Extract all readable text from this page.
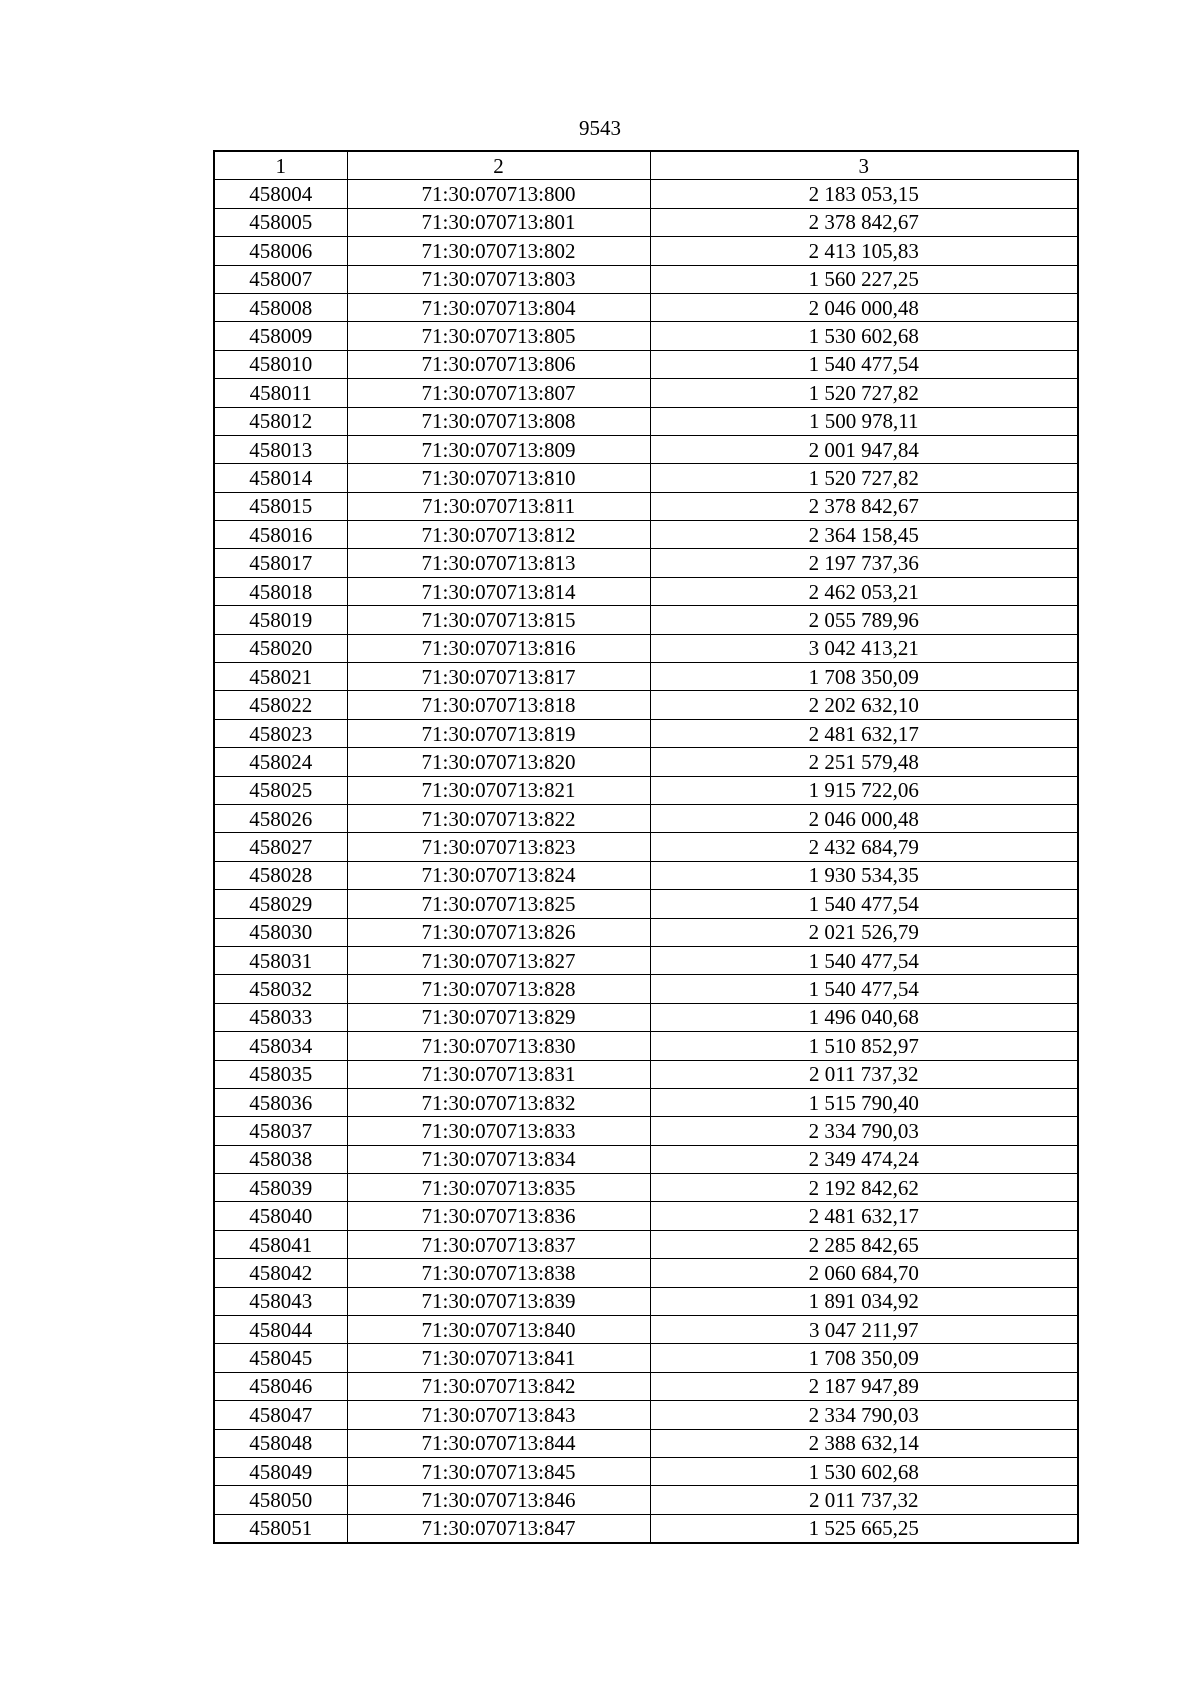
9543
1	2	3
458004	71:30:070713:800	2 183 053,15
458005	71:30:070713:801	2 378 842,67
458006	71:30:070713:802	2 413 105,83
458007	71:30:070713:803	1 560 227,25
458008	71:30:070713:804	2 046 000,48
458009	71:30:070713:805	1 530 602,68
458010	71:30:070713:806	1 540 477,54
458011	71:30:070713:807	1 520 727,82
458012	71:30:070713:808	1 500 978,11
458013	71:30:070713:809	2 001 947,84
458014	71:30:070713:810	1 520 727,82
458015	71:30:070713:811	2 378 842,67
458016	71:30:070713:812	2 364 158,45
458017	71:30:070713:813	2 197 737,36
458018	71:30:070713:814	2 462 053,21
458019	71:30:070713:815	2 055 789,96
458020	71:30:070713:816	3 042 413,21
458021	71:30:070713:817	1 708 350,09
458022	71:30:070713:818	2 202 632,10
458023	71:30:070713:819	2 481 632,17
458024	71:30:070713:820	2 251 579,48
458025	71:30:070713:821	1 915 722,06
458026	71:30:070713:822	2 046 000,48
458027	71:30:070713:823	2 432 684,79
458028	71:30:070713:824	1 930 534,35
458029	71:30:070713:825	1 540 477,54
458030	71:30:070713:826	2 021 526,79
458031	71:30:070713:827	1 540 477,54
458032	71:30:070713:828	1 540 477,54
458033	71:30:070713:829	1 496 040,68
458034	71:30:070713:830	1 510 852,97
458035	71:30:070713:831	2 011 737,32
458036	71:30:070713:832	1 515 790,40
458037	71:30:070713:833	2 334 790,03
458038	71:30:070713:834	2 349 474,24
458039	71:30:070713:835	2 192 842,62
458040	71:30:070713:836	2 481 632,17
458041	71:30:070713:837	2 285 842,65
458042	71:30:070713:838	2 060 684,70
458043	71:30:070713:839	1 891 034,92
458044	71:30:070713:840	3 047 211,97
458045	71:30:070713:841	1 708 350,09
458046	71:30:070713:842	2 187 947,89
458047	71:30:070713:843	2 334 790,03
458048	71:30:070713:844	2 388 632,14
458049	71:30:070713:845	1 530 602,68
458050	71:30:070713:846	2 011 737,32
458051	71:30:070713:847	1 525 665,25
